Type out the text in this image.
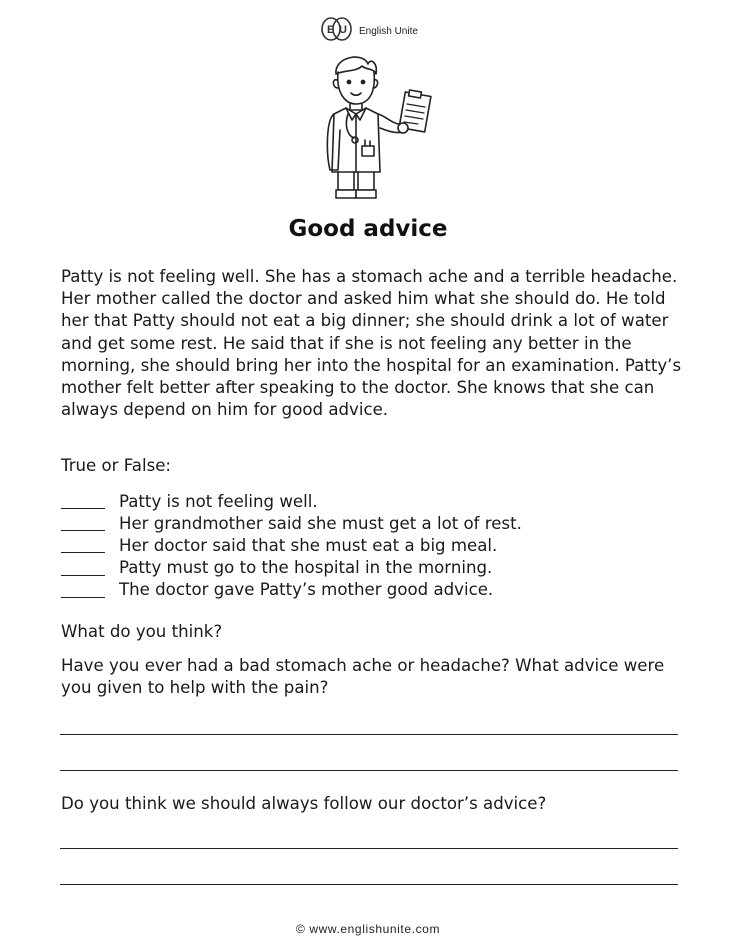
E U English Unite
Good advice

Patty is not feeling well. She has a stomach ache and a terrible headache. Her mother called the doctor and asked him what she should do. He told her that Patty should not eat a big dinner; she should drink a lot of water and get some rest. He said that if she is not feeling any better in the morning, she should bring her into the hospital for an examination. Patty’s mother felt better after speaking to the doctor. She knows that she can always depend on him for good advice.

True or False:

Patty is not feeling well.
Her grandmother said she must get a lot of rest.
Her doctor said that she must eat a big meal.
Patty must go to the hospital in the morning.
The doctor gave Patty’s mother good advice.

What do you think?

Have you ever had a bad stomach ache or headache? What advice were you given to help with the pain?

Do you think we should always follow our doctor’s advice?

© www.englishunite.com
